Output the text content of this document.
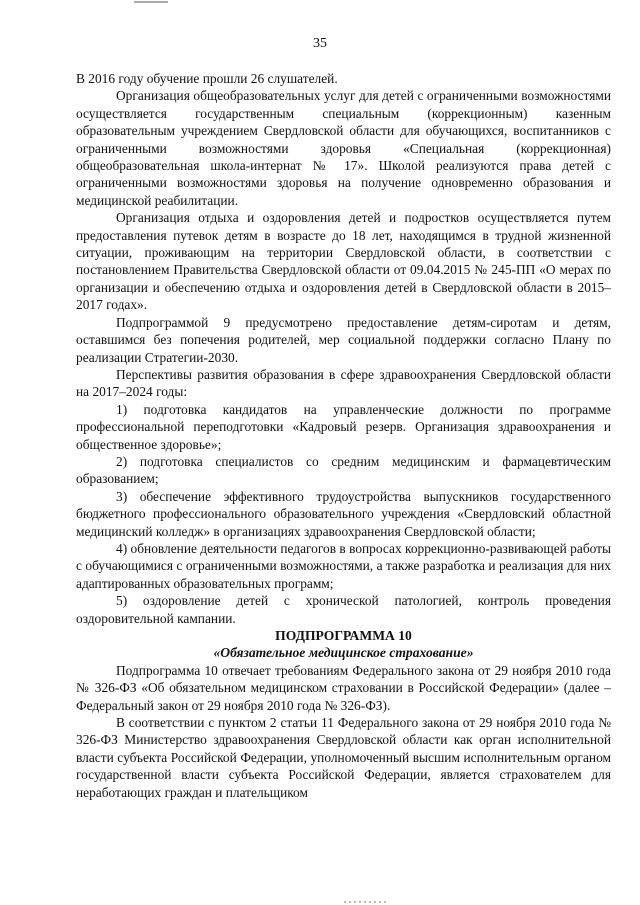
35

В 2016 году обучение прошли 26 слушателей.

Организация общеобразовательных услуг для детей с ограниченными возможностями осуществляется государственным специальным (коррекционным) казенным образовательным учреждением Свердловской области для обучающихся, воспитанников с ограниченными возможностями здоровья «Специальная (коррекционная) общеобразовательная школа-интернат № 17». Школой реализуются права детей с ограниченными возможностями здоровья на получение одновременно образования и медицинской реабилитации.

Организация отдыха и оздоровления детей и подростков осуществляется путем предоставления путевок детям в возрасте до 18 лет, находящимся в трудной жизненной ситуации, проживающим на территории Свердловской области, в соответствии с постановлением Правительства Свердловской области от 09.04.2015 № 245-ПП «О мерах по организации и обеспечению отдыха и оздоровления детей в Свердловской области в 2015–2017 годах».

Подпрограммой 9 предусмотрено предоставление детям-сиротам и детям, оставшимся без попечения родителей, мер социальной поддержки согласно Плану по реализации Стратегии-2030.

Перспективы развития образования в сфере здравоохранения Свердловской области на 2017–2024 годы:

1) подготовка кандидатов на управленческие должности по программе профессиональной переподготовки «Кадровый резерв. Организация здравоохранения и общественное здоровье»;

2) подготовка специалистов со средним медицинским и фармацевтическим образованием;

3) обеспечение эффективного трудоустройства выпускников государственного бюджетного профессионального образовательного учреждения «Свердловский областной медицинский колледж» в организациях здравоохранения Свердловской области;

4) обновление деятельности педагогов в вопросах коррекционно-развивающей работы с обучающимися с ограниченными возможностями, а также разработка и реализация для них адаптированных образовательных программ;

5) оздоровление детей с хронической патологией, контроль проведения оздоровительной кампании.

ПОДПРОГРАММА 10

«Обязательное медицинское страхование»

Подпрограмма 10 отвечает требованиям Федерального закона от 29 ноября 2010 года № 326-ФЗ «Об обязательном медицинском страховании в Российской Федерации» (далее – Федеральный закон от 29 ноября 2010 года № 326-ФЗ).

В соответствии с пунктом 2 статьи 11 Федерального закона от 29 ноября 2010 года № 326-ФЗ Министерство здравоохранения Свердловской области как орган исполнительной власти субъекта Российской Федерации, уполномоченный высшим исполнительным органом государственной власти субъекта Российской Федерации, является страхователем для неработающих граждан и плательщиком
